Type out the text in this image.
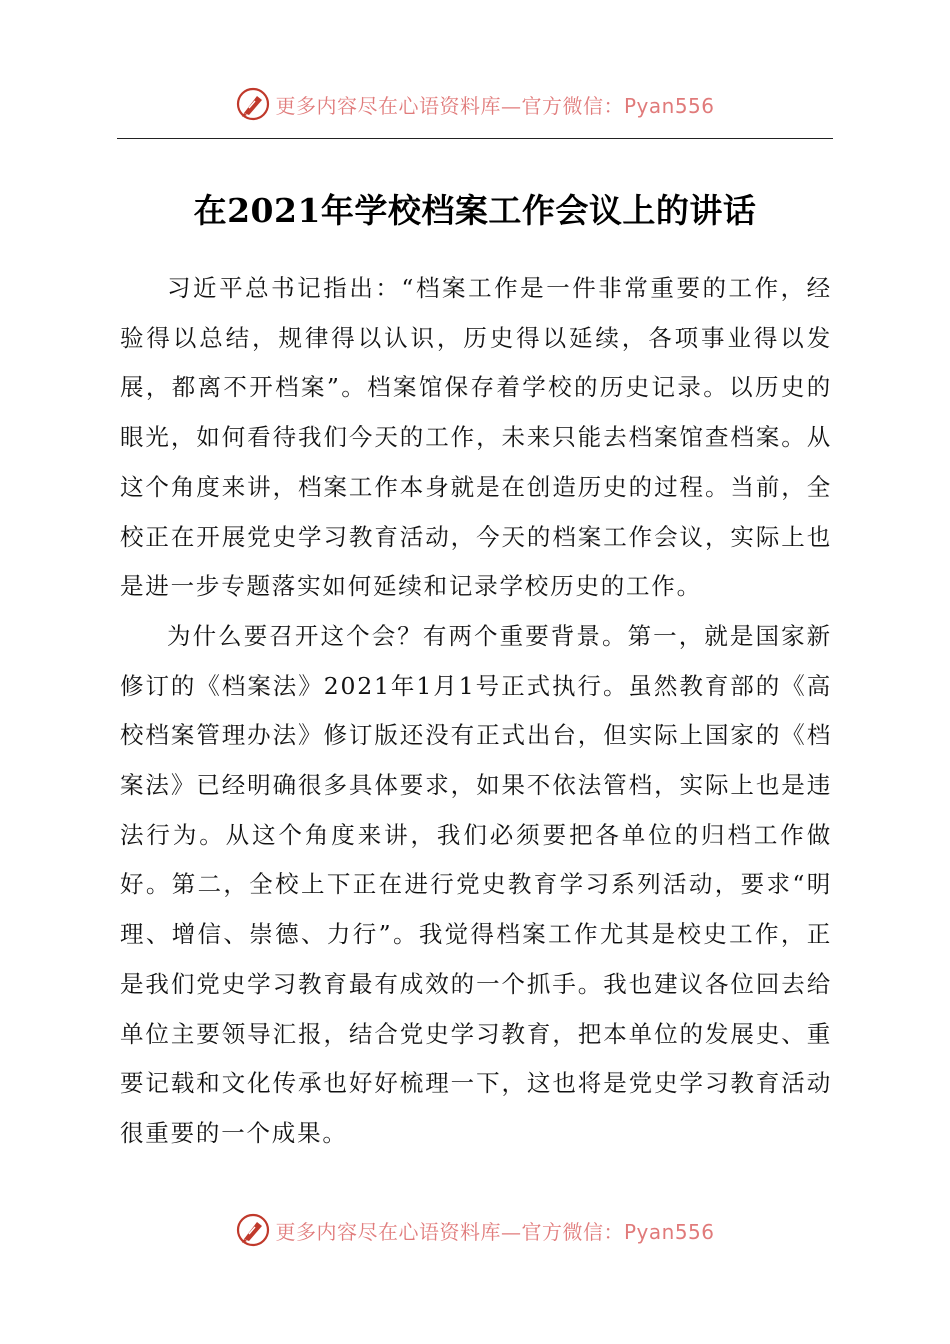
更多内容尽在心语资料库—官方微信：Pyan556
在2021年学校档案工作会议上的讲话

习近平总书记指出：“档案工作是一件非常重要的工作，经验得以总结，规律得以认识，历史得以延续，各项事业得以发展，都离不开档案”。档案馆保存着学校的历史记录。以历史的眼光，如何看待我们今天的工作，未来只能去档案馆查档案。从这个角度来讲，档案工作本身就是在创造历史的过程。当前，全校正在开展党史学习教育活动，今天的档案工作会议，实际上也是进一步专题落实如何延续和记录学校历史的工作。

为什么要召开这个会？有两个重要背景。第一，就是国家新修订的《档案法》2021年1月1号正式执行。虽然教育部的《高校档案管理办法》修订版还没有正式出台，但实际上国家的《档案法》已经明确很多具体要求，如果不依法管档，实际上也是违法行为。从这个角度来讲，我们必须要把各单位的归档工作做好。第二，全校上下正在进行党史教育学习系列活动，要求“明理、增信、崇德、力行”。我觉得档案工作尤其是校史工作，正是我们党史学习教育最有成效的一个抓手。我也建议各位回去给单位主要领导汇报，结合党史学习教育，把本单位的发展史、重要记载和文化传承也好好梳理一下，这也将是党史学习教育活动很重要的一个成果。

更多内容尽在心语资料库—官方微信：Pyan556
